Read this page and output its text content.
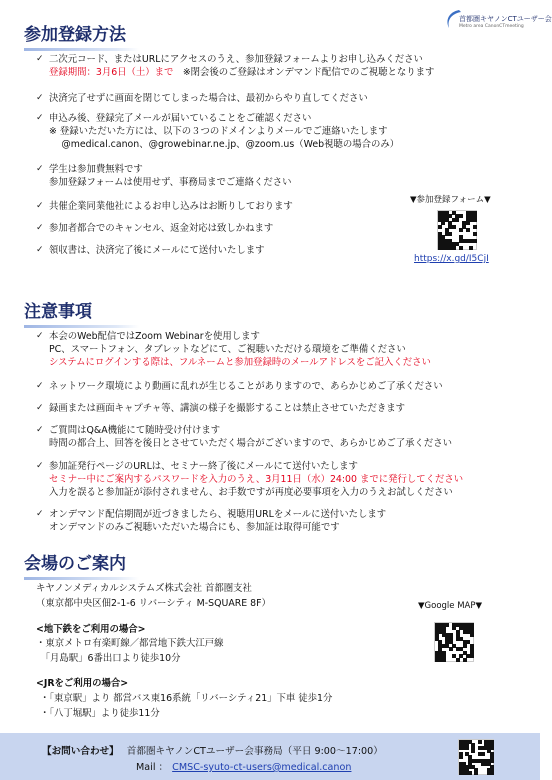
首都圏キヤノンCTユーザー会
Metro area CanonCTmeeting
参加登録方法
✓ 二次元コード、またはURLにアクセスのうえ、参加登録フォームよりお申し込みください
登録期間：3月6日（土）まで　※閉会後のご登録はオンデマンド配信でのご視聴となります
✓ 決済完了せずに画面を閉じてしまった場合は、最初からやり直してください
✓ 申込み後、登録完了メールが届いていることをご確認ください
※ 登録いただいた方には、以下の３つのドメインよりメールでご連絡いたします
　 @medical.canon、@growebinar.ne.jp、@zoom.us（Web視聴の場合のみ）
✓ 学生は参加費無料です
参加登録フォームは使用せず、事務局までご連絡ください
✓ 共催企業同業他社によるお申し込みはお断りしております
✓ 参加者都合でのキャンセル、返金対応は致しかねます
✓ 領収書は、決済完了後にメールにて送付いたします
▼参加登録フォーム▼
https://x.gd/I5CjI
注意事項
✓ 本会のWeb配信ではZoom Webinarを使用します
PC、スマートフォン、タブレットなどにて、ご視聴いただける環境をご準備ください
システムにログインする際は、フルネームと参加登録時のメールアドレスをご記入ください
✓ ネットワーク環境により動画に乱れが生じることがありますので、あらかじめご了承ください
✓ 録画または画面キャプチャ等、講演の様子を撮影することは禁止させていただきます
✓ ご質問はQ&A機能にて随時受け付けます
時間の都合上、回答を後日とさせていただく場合がございますので、あらかじめご了承ください
✓ 参加証発行ページのURLは、セミナー終了後にメールにて送付いたします
セミナー中にご案内するパスワードを入力のうえ、3月11日（水）24:00 までに発行してください
入力を誤ると参加証が添付されません、お手数ですが再度必要事項を入力のうえお試しください
✓ オンデマンド配信期間が近づきましたら、視聴用URLをメールに送付いたします
オンデマンドのみご視聴いただいた場合にも、参加証は取得可能です
会場のご案内
キヤノンメディカルシステムズ株式会社 首都圏支社
（東京都中央区佃2-1-6 リバーシティ M-SQUARE 8F）	▼Google MAP▼
<地下鉄をご利用の場合>
・東京メトロ有楽町線／都営地下鉄大江戸線
　「月島駅」6番出口より徒歩10分
<JRをご利用の場合>
・「東京駅」より 都営バス東16系統「リバーシティ21」下車 徒歩1分
・「八丁堀駅」より徒歩11分
【お問い合わせ】 首都圏キヤノンCTユーザー会事務局（平日 9:00～17:00）
Mail ： CMSC-syuto-ct-users@medical.canon
